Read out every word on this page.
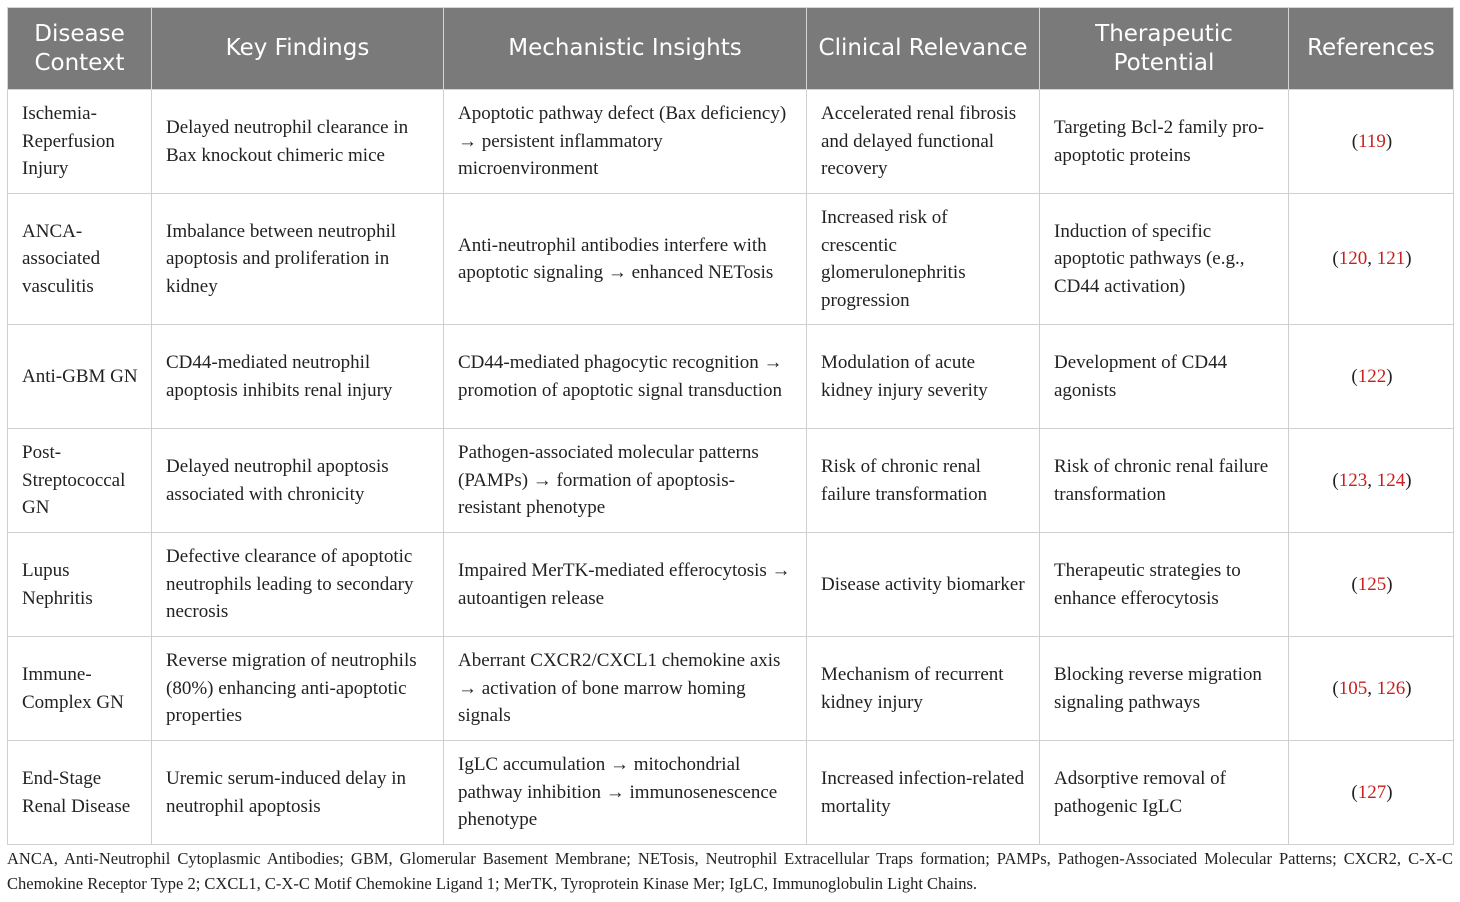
Disease Context	Key Findings	Mechanistic Insights	Clinical Relevance	Therapeutic Potential	References
Ischemia-Reperfusion Injury	Delayed neutrophil clearance in Bax knockout chimeric mice	Apoptotic pathway defect (Bax deficiency) → persistent inflammatory microenvironment	Accelerated renal fibrosis and delayed functional recovery	Targeting Bcl-2 family pro-apoptotic proteins	(119)
ANCA-associated vasculitis	Imbalance between neutrophil apoptosis and proliferation in kidney	Anti-neutrophil antibodies interfere with apoptotic signaling → enhanced NETosis	Increased risk of crescentic glomerulonephritis progression	Induction of specific apoptotic pathways (e.g., CD44 activation)	(120, 121)
Anti-GBM GN	CD44-mediated neutrophil apoptosis inhibits renal injury	CD44-mediated phagocytic recognition → promotion of apoptotic signal transduction	Modulation of acute kidney injury severity	Development of CD44 agonists	(122)
Post-Streptococcal GN	Delayed neutrophil apoptosis associated with chronicity	Pathogen-associated molecular patterns (PAMPs) → formation of apoptosis-resistant phenotype	Risk of chronic renal failure transformation	Risk of chronic renal failure transformation	(123, 124)
Lupus Nephritis	Defective clearance of apoptotic neutrophils leading to secondary necrosis	Impaired MerTK-mediated efferocytosis → autoantigen release	Disease activity biomarker	Therapeutic strategies to enhance efferocytosis	(125)
Immune-Complex GN	Reverse migration of neutrophils (80%) enhancing anti-apoptotic properties	Aberrant CXCR2/CXCL1 chemokine axis → activation of bone marrow homing signals	Mechanism of recurrent kidney injury	Blocking reverse migration signaling pathways	(105, 126)
End-Stage Renal Disease	Uremic serum-induced delay in neutrophil apoptosis	IgLC accumulation → mitochondrial pathway inhibition → immunosenescence phenotype	Increased infection-related mortality	Adsorptive removal of pathogenic IgLC	(127)
ANCA, Anti-Neutrophil Cytoplasmic Antibodies; GBM, Glomerular Basement Membrane; NETosis, Neutrophil Extracellular Traps formation; PAMPs, Pathogen-Associated Molecular Patterns; CXCR2, C-X-C Chemokine Receptor Type 2; CXCL1, C-X-C Motif Chemokine Ligand 1; MerTK, Tyroprotein Kinase Mer; IgLC, Immunoglobulin Light Chains.
